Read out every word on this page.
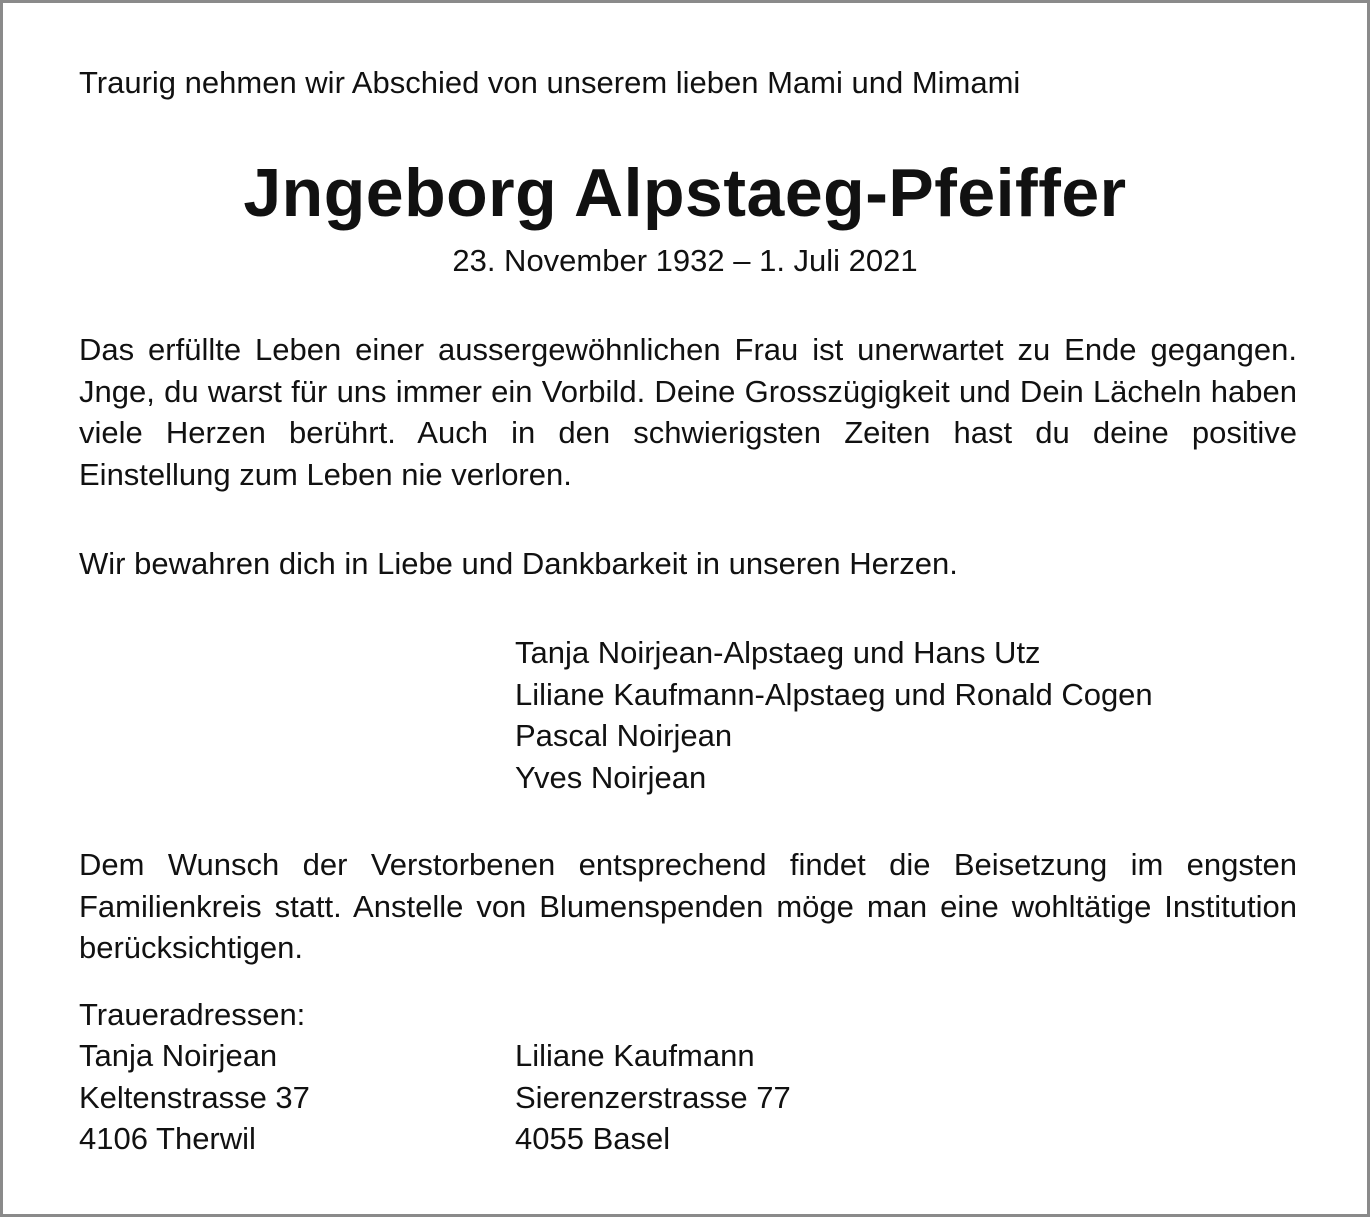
Traurig nehmen wir Abschied von unserem lieben Mami und Mimami
Jngeborg Alpstaeg-Pfeiffer
23. November 1932 – 1. Juli 2021
Das erfüllte Leben einer aussergewöhnlichen Frau ist unerwartet zu Ende gegangen. Jnge, du warst für uns immer ein Vorbild. Deine Grosszügigkeit und Dein Lächeln haben viele Herzen berührt. Auch in den schwierigsten Zeiten hast du deine positive Einstellung zum Leben nie verloren.
Wir bewahren dich in Liebe und Dankbarkeit in unseren Herzen.
Tanja Noirjean-Alpstaeg und Hans Utz
Liliane Kaufmann-Alpstaeg und Ronald Cogen
Pascal Noirjean
Yves Noirjean
Dem Wunsch der Verstorbenen entsprechend findet die Beisetzung im engsten Familienkreis statt. Anstelle von Blumenspenden möge man eine wohltätige Institution berücksichtigen.
Traueradressen:
Tanja Noirjean
Keltenstrasse 37
4106 Therwil
Liliane Kaufmann
Sierenzerstrasse 77
4055 Basel
